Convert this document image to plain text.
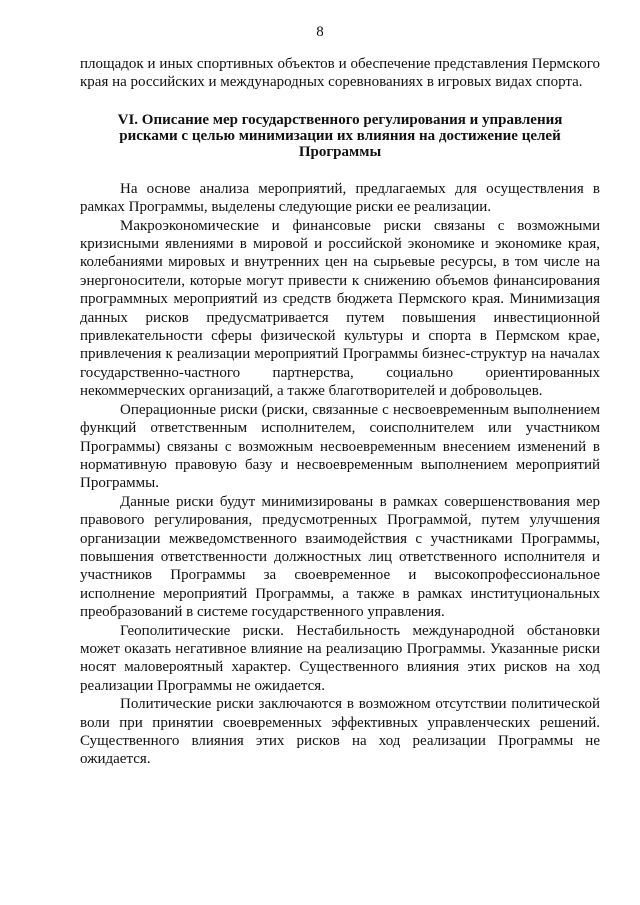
8

площадок и иных спортивных объектов и обеспечение представления Пермского края на российских и международных соревнованиях в игровых видах спорта.

VI. Описание мер государственного регулирования и управления
рисками с целью минимизации их влияния на достижение целей
Программы

На основе анализа мероприятий, предлагаемых для осуществления в рамках Программы, выделены следующие риски ее реализации.

Макроэкономические и финансовые риски связаны с возможными кризисными явлениями в мировой и российской экономике и экономике края, колебаниями мировых и внутренних цен на сырьевые ресурсы, в том числе на энергоносители, которые могут привести к снижению объемов финансирования программных мероприятий из средств бюджета Пермского края. Минимизация данных рисков предусматривается путем повышения инвестиционной привлекательности сферы физической культуры и спорта в Пермском крае, привлечения к реализации мероприятий Программы бизнес-структур на началах государственно-частного партнерства, социально ориентированных некоммерческих организаций, а также благотворителей и добровольцев.

Операционные риски (риски, связанные с несвоевременным выполнением функций ответственным исполнителем, соисполнителем или участником Программы) связаны с возможным несвоевременным внесением изменений в нормативную правовую базу и несвоевременным выполнением мероприятий Программы.

Данные риски будут минимизированы в рамках совершенствования мер правового регулирования, предусмотренных Программой, путем улучшения организации межведомственного взаимодействия с участниками Программы, повышения ответственности должностных лиц ответственного исполнителя и участников Программы за своевременное и высокопрофессиональное исполнение мероприятий Программы, а также в рамках институциональных преобразований в системе государственного управления.

Геополитические риски. Нестабильность международной обстановки может оказать негативное влияние на реализацию Программы. Указанные риски носят маловероятный характер. Существенного влияния этих рисков на ход реализации Программы не ожидается.

Политические риски заключаются в возможном отсутствии политической воли при принятии своевременных эффективных управленческих решений. Существенного влияния этих рисков на ход реализации Программы не ожидается.
